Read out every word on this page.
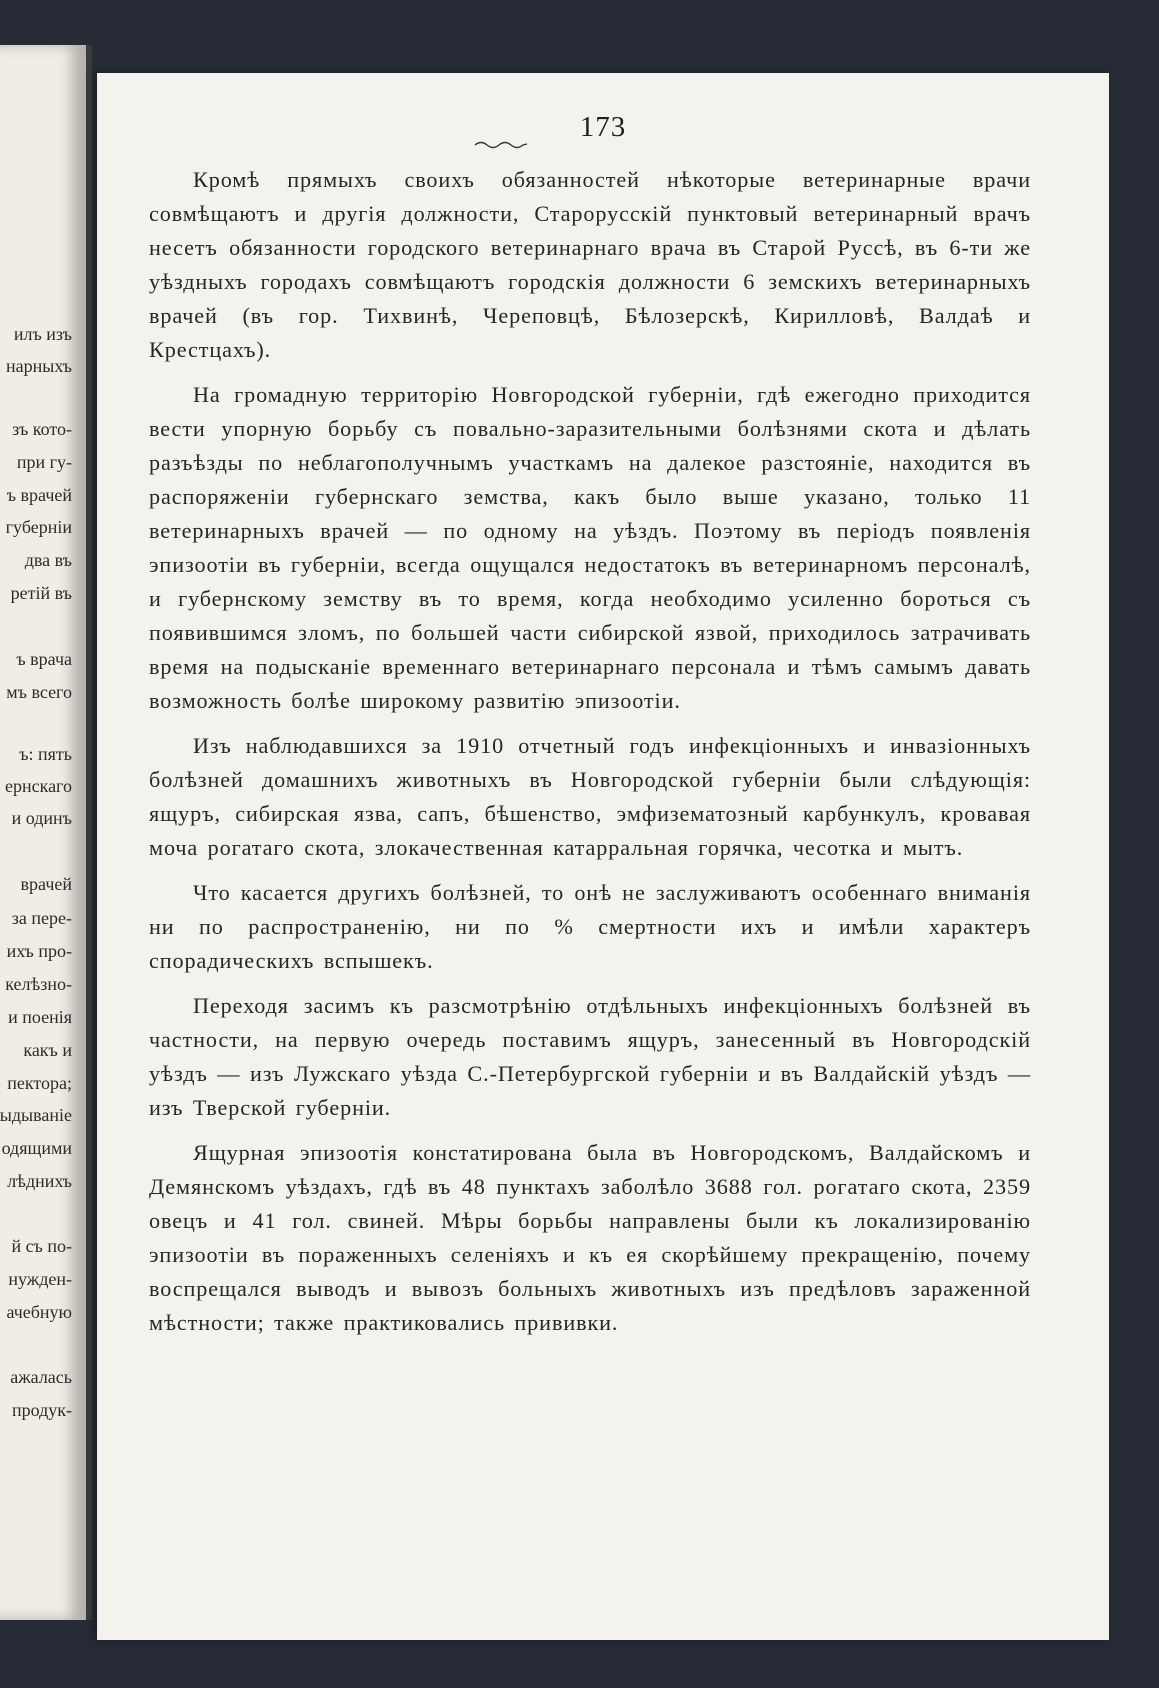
илъ изъ
нарныхъ
зъ кото-
при гу-
ъ врачей
губерніи
два въ
ретій въ
ъ врача
мъ всего
ъ: пять
ернскаго
и одинъ
врачей
за пере-
ихъ про-
келѣзно-
и поенія
какъ и
пектора;
ыдываніе
одящими
лѣднихъ
й съ по-
нужден-
ачебную
ажалась
продук-
173

Кромѣ прямыхъ своихъ обязанностей нѣкоторые ветеринарные врачи совмѣщаютъ и другія должности, Старорусскій пунктовый ветеринарный врачъ несетъ обязанности городского ветеринарнаго врача въ Старой Руссѣ, въ 6-ти же уѣздныхъ городахъ совмѣщаютъ городскія должности 6 земскихъ ветеринарныхъ врачей (въ гор. Тихвинѣ, Череповцѣ, Бѣлозерскѣ, Кирилловѣ, Валдаѣ и Крестцахъ).

На громадную территорію Новгородской губерніи, гдѣ ежегодно приходится вести упорную борьбу съ повально-заразительными болѣзнями скота и дѣлать разъѣзды по неблагополучнымъ участкамъ на далекое разстояніе, находится въ распоряженіи губернскаго земства, какъ было выше указано, только 11 ветеринарныхъ врачей — по одному на уѣздъ. Поэтому въ періодъ появленія эпизоотіи въ губерніи, всегда ощущался недостатокъ въ ветеринарномъ персоналѣ, и губернскому земству въ то время, когда необходимо усиленно бороться съ появившимся зломъ, по большей части сибирской язвой, приходилось затрачивать время на подысканіе временнаго ветеринарнаго персонала и тѣмъ самымъ давать возможность болѣе широкому развитію эпизоотіи.

Изъ наблюдавшихся за 1910 отчетный годъ инфекціонныхъ и инвазіонныхъ болѣзней домашнихъ животныхъ въ Новгородской губерніи были слѣдующія: ящуръ, сибирская язва, сапъ, бѣшенство, эмфизематозный карбункулъ, кровавая моча рогатаго скота, злокачественная катарральная горячка, чесотка и мытъ.

Что касается другихъ болѣзней, то онѣ не заслуживаютъ особеннаго вниманія ни по распространенію, ни по % смертности ихъ и имѣли характеръ спорадическихъ вспышекъ.

Переходя засимъ къ разсмотрѣнію отдѣльныхъ инфекціонныхъ болѣзней въ частности, на первую очередь поставимъ ящуръ, занесенный въ Новгородскій уѣздъ — изъ Лужскаго уѣзда С.-Петербургской губерніи и въ Валдайскій уѣздъ — изъ Тверской губерніи.

Ящурная эпизоотія констатирована была въ Новгородскомъ, Валдайскомъ и Демянскомъ уѣздахъ, гдѣ въ 48 пунктахъ заболѣло 3688 гол. рогатаго скота, 2359 овецъ и 41 гол. свиней. Мѣры борьбы направлены были къ локализированію эпизоотіи въ пораженныхъ селеніяхъ и къ ея скорѣйшему прекращенію, почему воспрещался выводъ и вывозъ больныхъ животныхъ изъ предѣловъ зараженной мѣстности; также практиковались прививки.
